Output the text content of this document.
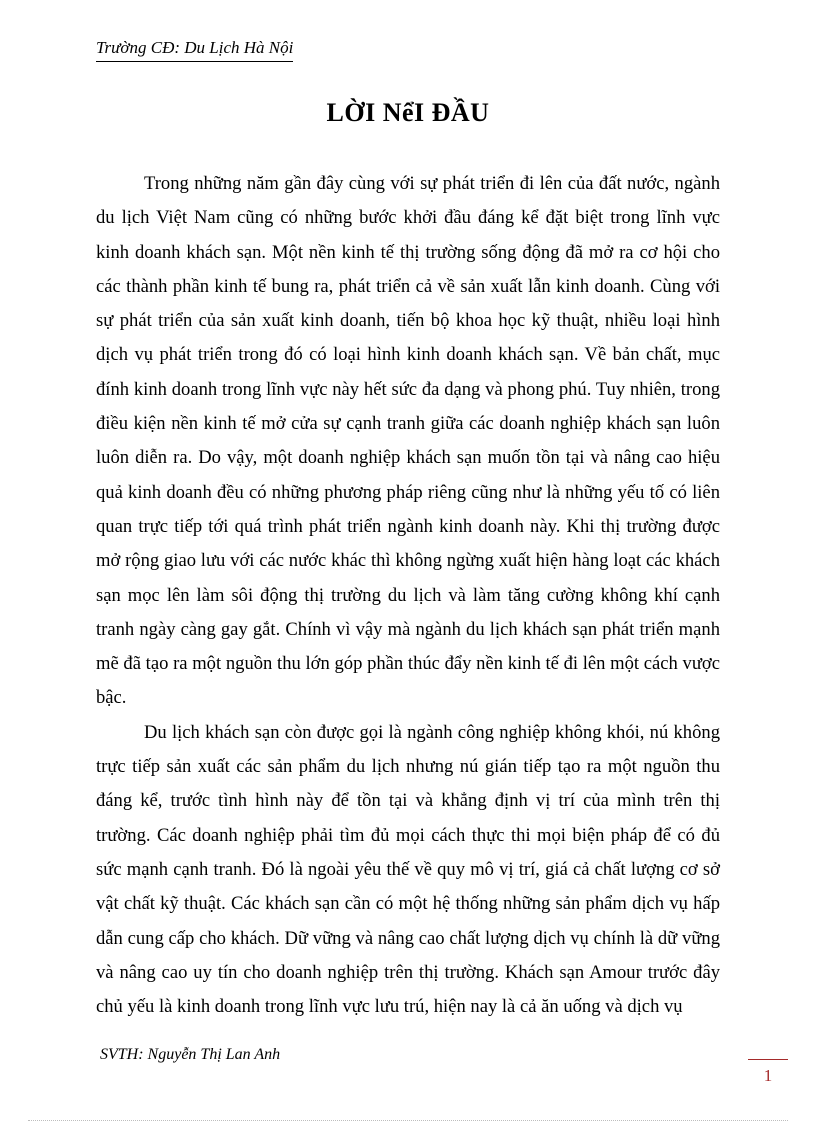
Trường CĐ: Du Lịch Hà Nội
LỜI NểI ĐẦU

Trong những năm gần đây cùng với sự phát triển đi lên của đất nước, ngành du lịch Việt Nam cũng có những bước khởi đầu đáng kể đặt biệt trong lĩnh vực kinh doanh khách sạn. Một nền kinh tế thị trường sống động đã mở ra cơ hội cho các thành phần kinh tế bung ra, phát triển cả về sản xuất lẫn kinh doanh. Cùng với sự phát triển của sản xuất kinh doanh, tiến bộ khoa học kỹ thuật, nhiều loại hình dịch vụ phát triển trong đó có loại hình kinh doanh khách sạn. Về bản chất, mục đính kinh doanh trong lĩnh vực này hết sức đa dạng và phong phú. Tuy nhiên, trong điều kiện nền kinh tế mở cửa sự cạnh tranh giữa các doanh nghiệp khách sạn luôn luôn diễn ra. Do vậy, một doanh nghiệp khách sạn muốn tồn tại và nâng cao hiệu quả kinh doanh đều có những phương pháp riêng cũng như là những yếu tố có liên quan trực tiếp tới quá trình phát triển ngành kinh doanh này. Khi thị trường được mở rộng giao lưu với các nước khác thì không ngừng xuất hiện hàng loạt các khách sạn mọc lên làm sôi động thị trường du lịch và làm tăng cường không khí cạnh tranh ngày càng gay gắt. Chính vì vậy mà ngành du lịch khách sạn phát triển mạnh mẽ đã tạo ra một nguồn thu lớn góp phần thúc đẩy nền kinh tế đi lên một cách vược bậc.

Du lịch khách sạn còn được gọi là ngành công nghiệp không khói, nú không trực tiếp sản xuất các sản phẩm du lịch nhưng nú gián tiếp tạo ra một nguồn thu đáng kể, trước tình hình này để tồn tại và khẳng định vị trí của mình trên thị trường. Các doanh nghiệp phải tìm đủ mọi cách thực thi mọi biện pháp để có đủ sức mạnh cạnh tranh. Đó là ngoài yêu thế về quy mô vị trí, giá cả chất lượng cơ sở vật chất kỹ thuật. Các khách sạn cần có một hệ thống những sản phẩm dịch vụ hấp dẫn cung cấp cho khách. Dữ vững và nâng cao chất lượng dịch vụ chính là dữ vững và nâng cao uy tín cho doanh nghiệp trên thị trường. Khách sạn Amour trước đây chủ yếu là kinh doanh trong lĩnh vực lưu trú, hiện nay là cả ăn uống và dịch vụ

SVTH: Nguyễn Thị Lan Anh
1
